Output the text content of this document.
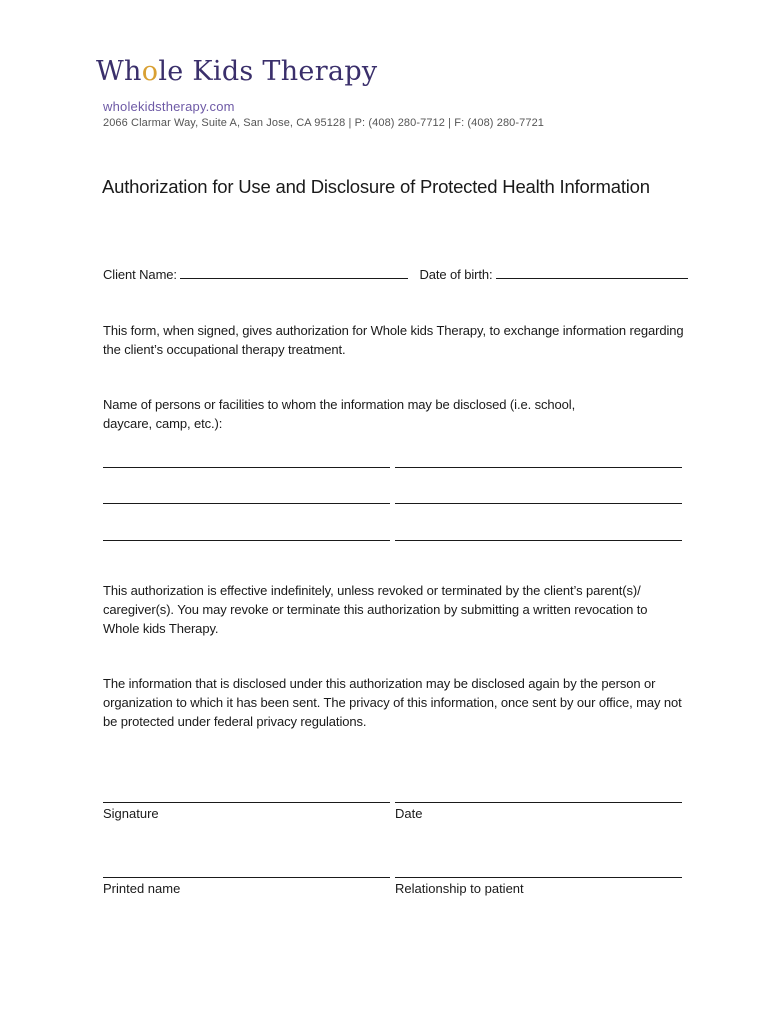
Whole Kids Therapy
wholekidstherapy.com
2066 Clarmar Way, Suite A, San Jose, CA 95128 | P: (408) 280-7712 | F: (408) 280-7721
Authorization for Use and Disclosure of Protected Health Information
Client Name:	Date of birth:
This form, when signed, gives authorization for Whole kids Therapy, to exchange information regarding the client’s occupational therapy treatment.
Name of persons or facilities to whom the information may be disclosed (i.e. school, daycare, camp, etc.):
This authorization is effective indefinitely, unless revoked or terminated by the client’s parent(s)/ caregiver(s). You may revoke or terminate this authorization by submitting a written revocation to Whole kids Therapy.
The information that is disclosed under this authorization may be disclosed again by the person or organization to which it has been sent. The privacy of this information, once sent by our office, may not be protected under federal privacy regulations.
Signature	Date
Printed name	Relationship to patient
